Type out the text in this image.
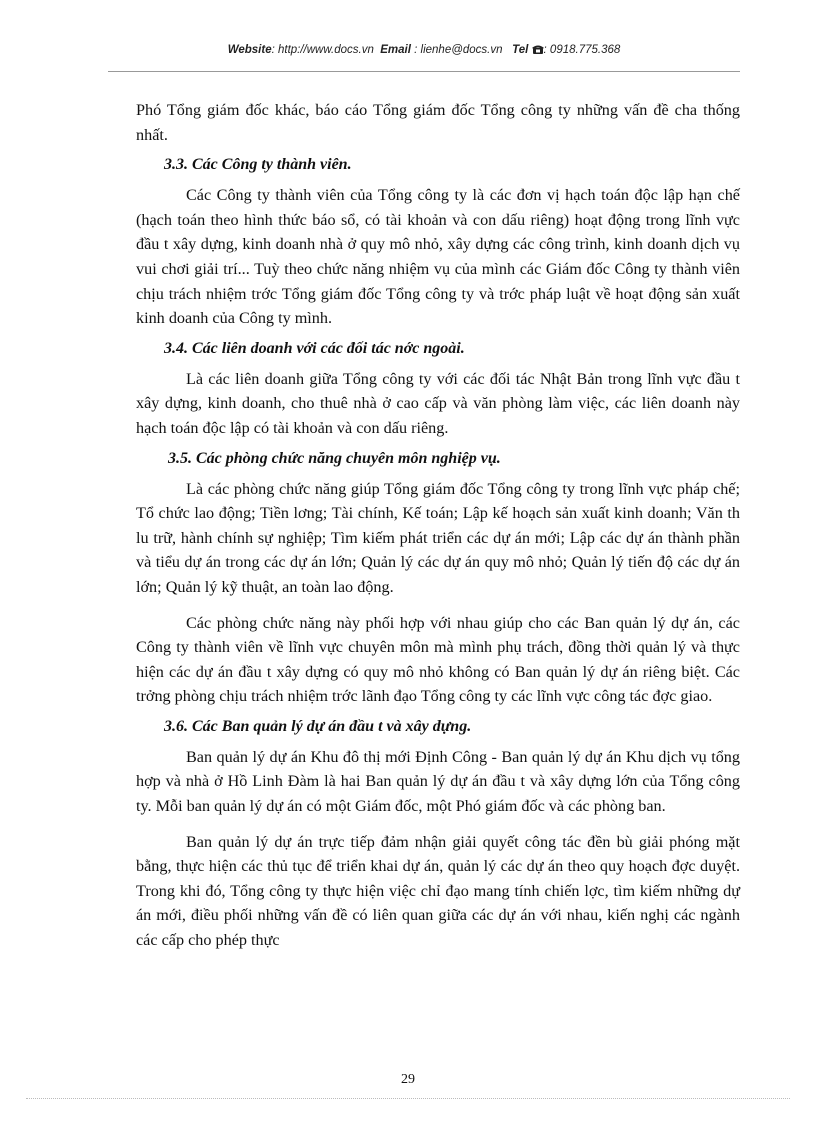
Website: http://www.docs.vn Email : lienhe@docs.vn Tel : 0918.775.368

Phó Tổng giám đốc khác, báo cáo Tổng giám đốc Tổng công ty những vấn đề cha thống nhất.

3.3. Các Công ty thành viên.

Các Công ty thành viên của Tổng công ty là các đơn vị hạch toán độc lập hạn chế (hạch toán theo hình thức báo sổ, có tài khoản và con dấu riêng) hoạt động trong lĩnh vực đầu t xây dựng, kinh doanh nhà ở quy mô nhỏ, xây dựng các công trình, kinh doanh dịch vụ vui chơi giải trí... Tuỳ theo chức năng nhiệm vụ của mình các Giám đốc Công ty thành viên chịu trách nhiệm trớc Tổng giám đốc Tổng công ty và trớc pháp luật về hoạt động sản xuất kinh doanh của Công ty mình.

3.4. Các liên doanh với các đối tác nớc ngoài.

Là các liên doanh giữa Tổng công ty với các đối tác Nhật Bản trong lĩnh vực đầu t xây dựng, kinh doanh, cho thuê nhà ở cao cấp và văn phòng làm việc, các liên doanh này hạch toán độc lập có tài khoản và con dấu riêng.

3.5. Các phòng chức năng chuyên môn nghiệp vụ.

Là các phòng chức năng giúp Tổng giám đốc Tổng công ty trong lĩnh vực pháp chế; Tổ chức lao động; Tiền lơng; Tài chính, Kế toán; Lập kế hoạch sản xuất kinh doanh; Văn th lu trữ, hành chính sự nghiệp; Tìm kiếm phát triển các dự án mới; Lập các dự án thành phần và tiểu dự án trong các dự án lớn; Quản lý các dự án quy mô nhỏ; Quản lý tiến độ các dự án lớn; Quản lý kỹ thuật, an toàn lao động.

Các phòng chức năng này phối hợp với nhau giúp cho các Ban quản lý dự án, các Công ty thành viên về lĩnh vực chuyên môn mà mình phụ trách, đồng thời quản lý và thực hiện các dự án đầu t xây dựng có quy mô nhỏ không có Ban quản lý dự án riêng biệt. Các trởng phòng chịu trách nhiệm trớc lãnh đạo Tổng công ty các lĩnh vực công tác đợc giao.

3.6. Các Ban quản lý dự án đầu t và xây dựng.

Ban quản lý dự án Khu đô thị mới Định Công - Ban quản lý dự án Khu dịch vụ tổng hợp và nhà ở Hồ Linh Đàm là hai Ban quản lý dự án đầu t và xây dựng lớn của Tổng công ty. Mỗi ban quản lý dự án có một Giám đốc, một Phó giám đốc và các phòng ban.

Ban quản lý dự án trực tiếp đảm nhận giải quyết công tác đền bù giải phóng mặt bằng, thực hiện các thủ tục để triển khai dự án, quản lý các dự án theo quy hoạch đợc duyệt. Trong khi đó, Tổng công ty thực hiện việc chỉ đạo mang tính chiến lợc, tìm kiếm những dự án mới, điều phối những vấn đề có liên quan giữa các dự án với nhau, kiến nghị các ngành các cấp cho phép thực

29
